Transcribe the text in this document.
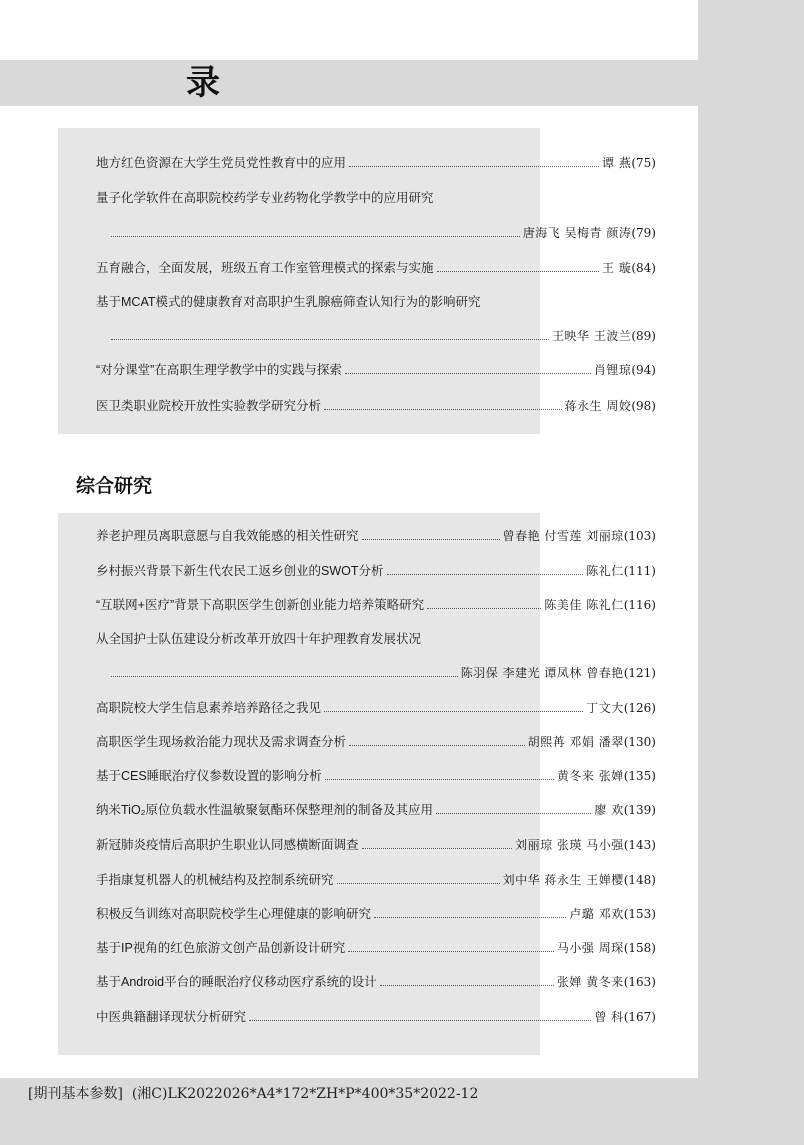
录
地方红色资源在大学生党员党性教育中的应用	谭 燕 (75)
量子化学软件在高职院校药学专业药物化学教学中的应用研究
唐海飞 吴梅青 颜涛 (79)
五育融合，全面发展，班级五育工作室管理模式的探索与实施	王 璇 (84)
基于MCAT模式的健康教育对高职护生乳腺癌筛查认知行为的影响研究
王映华 王波兰 (89)
“对分课堂”在高职生理学教学中的实践与探索	肖锂琼 (94)
医卫类职业院校开放性实验教学研究分析	蒋永生 周姣 (98)
综合研究
养老护理员离职意愿与自我效能感的相关性研究	曾春艳 付雪莲 刘丽琼 (103)
乡村振兴背景下新生代农民工返乡创业的SWOT分析	陈礼仁 (111)
“互联网+医疗”背景下高职医学生创新创业能力培养策略研究	陈美佳 陈礼仁 (116)
从全国护士队伍建设分析改革开放四十年护理教育发展状况
陈羽保 李建光 谭凤林 曾春艳 (121)
高职院校大学生信息素养培养路径之我见	丁文大 (126)
高职医学生现场救治能力现状及需求调查分析	胡熙苒 邓娟 潘翠 (130)
基于CES睡眠治疗仪参数设置的影响分析	黄冬来 张婵 (135)
纳米TiO₂原位负载水性温敏聚氨酯环保整理剂的制备及其应用	廖 欢 (139)
新冠肺炎疫情后高职护生职业认同感横断面调查	刘丽琼 张瑛 马小强 (143)
手指康复机器人的机械结构及控制系统研究	刘中华 蒋永生 王婵樱 (148)
积极反刍训练对高职院校学生心理健康的影响研究	卢璐 邓欢 (153)
基于IP视角的红色旅游文创产品创新设计研究	马小强 周琛 (158)
基于Android平台的睡眠治疗仪移动医疗系统的设计	张婵 黄冬来 (163)
中医典籍翻译现状分析研究	曾 科 (167)
[期刊基本参数]  (湘C)LK2022026*A4*172*ZH*P*400*35*2022-12
